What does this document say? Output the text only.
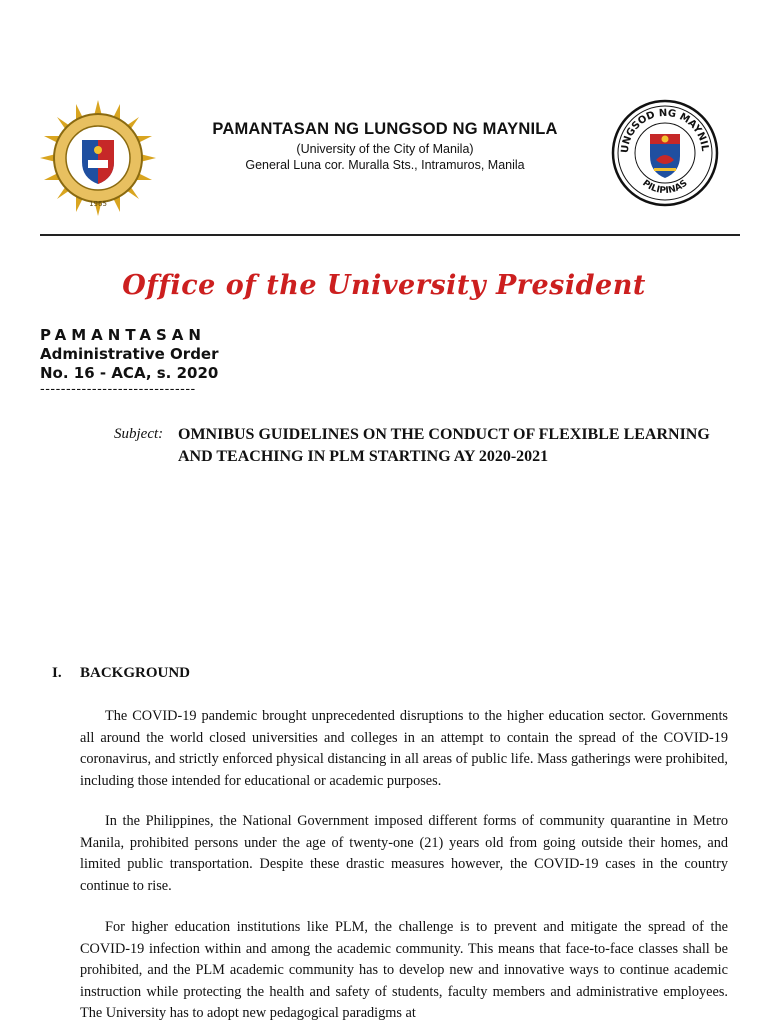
1965
PAMANTASAN NG LUNGSOD NG MAYNILA
(University of the City of Manila)
General Luna cor. Muralla Sts., Intramuros, Manila
UNGSOD NG MAYNIL
PILIPINAS
Office of the University President
PAMANTASAN
Administrative Order
No. 16 - ACA, s. 2020
------------------------------
Subject: OMNIBUS GUIDELINES ON THE CONDUCT OF FLEXIBLE LEARNING AND TEACHING IN PLM STARTING AY 2020-2021
I. BACKGROUND
The COVID-19 pandemic brought unprecedented disruptions to the higher education sector. Governments all around the world closed universities and colleges in an attempt to contain the spread of the COVID-19 coronavirus, and strictly enforced physical distancing in all areas of public life. Mass gatherings were prohibited, including those intended for educational or academic purposes.
In the Philippines, the National Government imposed different forms of community quarantine in Metro Manila, prohibited persons under the age of twenty-one (21) years old from going outside their homes, and limited public transportation. Despite these drastic measures however, the COVID-19 cases in the country continue to rise.
For higher education institutions like PLM, the challenge is to prevent and mitigate the spread of the COVID-19 infection within and among the academic community. This means that face-to-face classes shall be prohibited, and the PLM academic community has to develop new and innovative ways to continue academic instruction while protecting the health and safety of students, faculty members and administrative employees. The University has to adopt new pedagogical paradigms at
